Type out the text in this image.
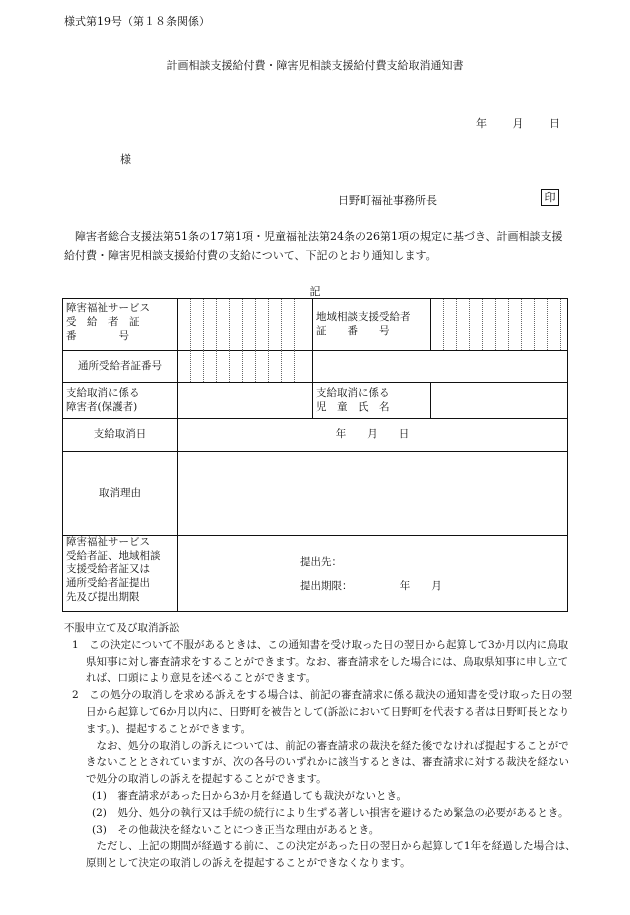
様式第19号（第１８条関係）
計画相談支援給付費・障害児相談支援給付費支給取消通知書
年 月 日
様
日野町福祉事務所長	印
障害者総合支援法第51条の17第1項・児童福祉法第24条の26第1項の規定に基づき、計画相談支援給付費・障害児相談支援給付費の支給について、下記のとおり通知します。
記
障害福祉サービス
受　給　者　証
番　　　　号
地域相談支援受給者
証　　番　　号
通所受給者証番号
支給取消に係る
障害者(保護者)
支給取消に係る
児　童　氏　名
支給取消日	年　　月　　日
取消理由
障害福祉サービス
受給者証、地域相談
支援受給者証又は
通所受給者証提出
先及び提出期限
提出先：
提出期限：　　　　　年　　月

不服申立て及び取消訴訟

1　この決定について不服があるときは、この通知書を受け取った日の翌日から起算して3か月以内に鳥取県知事に対し審査請求をすることができます。なお、審査請求をした場合には、鳥取県知事に申し立てれば、口頭により意見を述べることができます。

2　この処分の取消しを求める訴えをする場合は、前記の審査請求に係る裁決の通知書を受け取った日の翌日から起算して6か月以内に、日野町を被告として(訴訟において日野町を代表する者は日野町長となります。)、提起することができます。

なお、処分の取消しの訴えについては、前記の審査請求の裁決を経た後でなければ提起することができないこととされていますが、次の各号のいずれかに該当するときは、審査請求に対する裁決を経ないで処分の取消しの訴えを提起することができます。

(1)　審査請求があった日から3か月を経過しても裁決がないとき。

(2)　処分、処分の執行又は手続の続行により生ずる著しい損害を避けるため緊急の必要があるとき。

(3)　その他裁決を経ないことにつき正当な理由があるとき。

ただし、上記の期間が経過する前に、この決定があった日の翌日から起算して1年を経過した場合は、原則として決定の取消しの訴えを提起することができなくなります。
